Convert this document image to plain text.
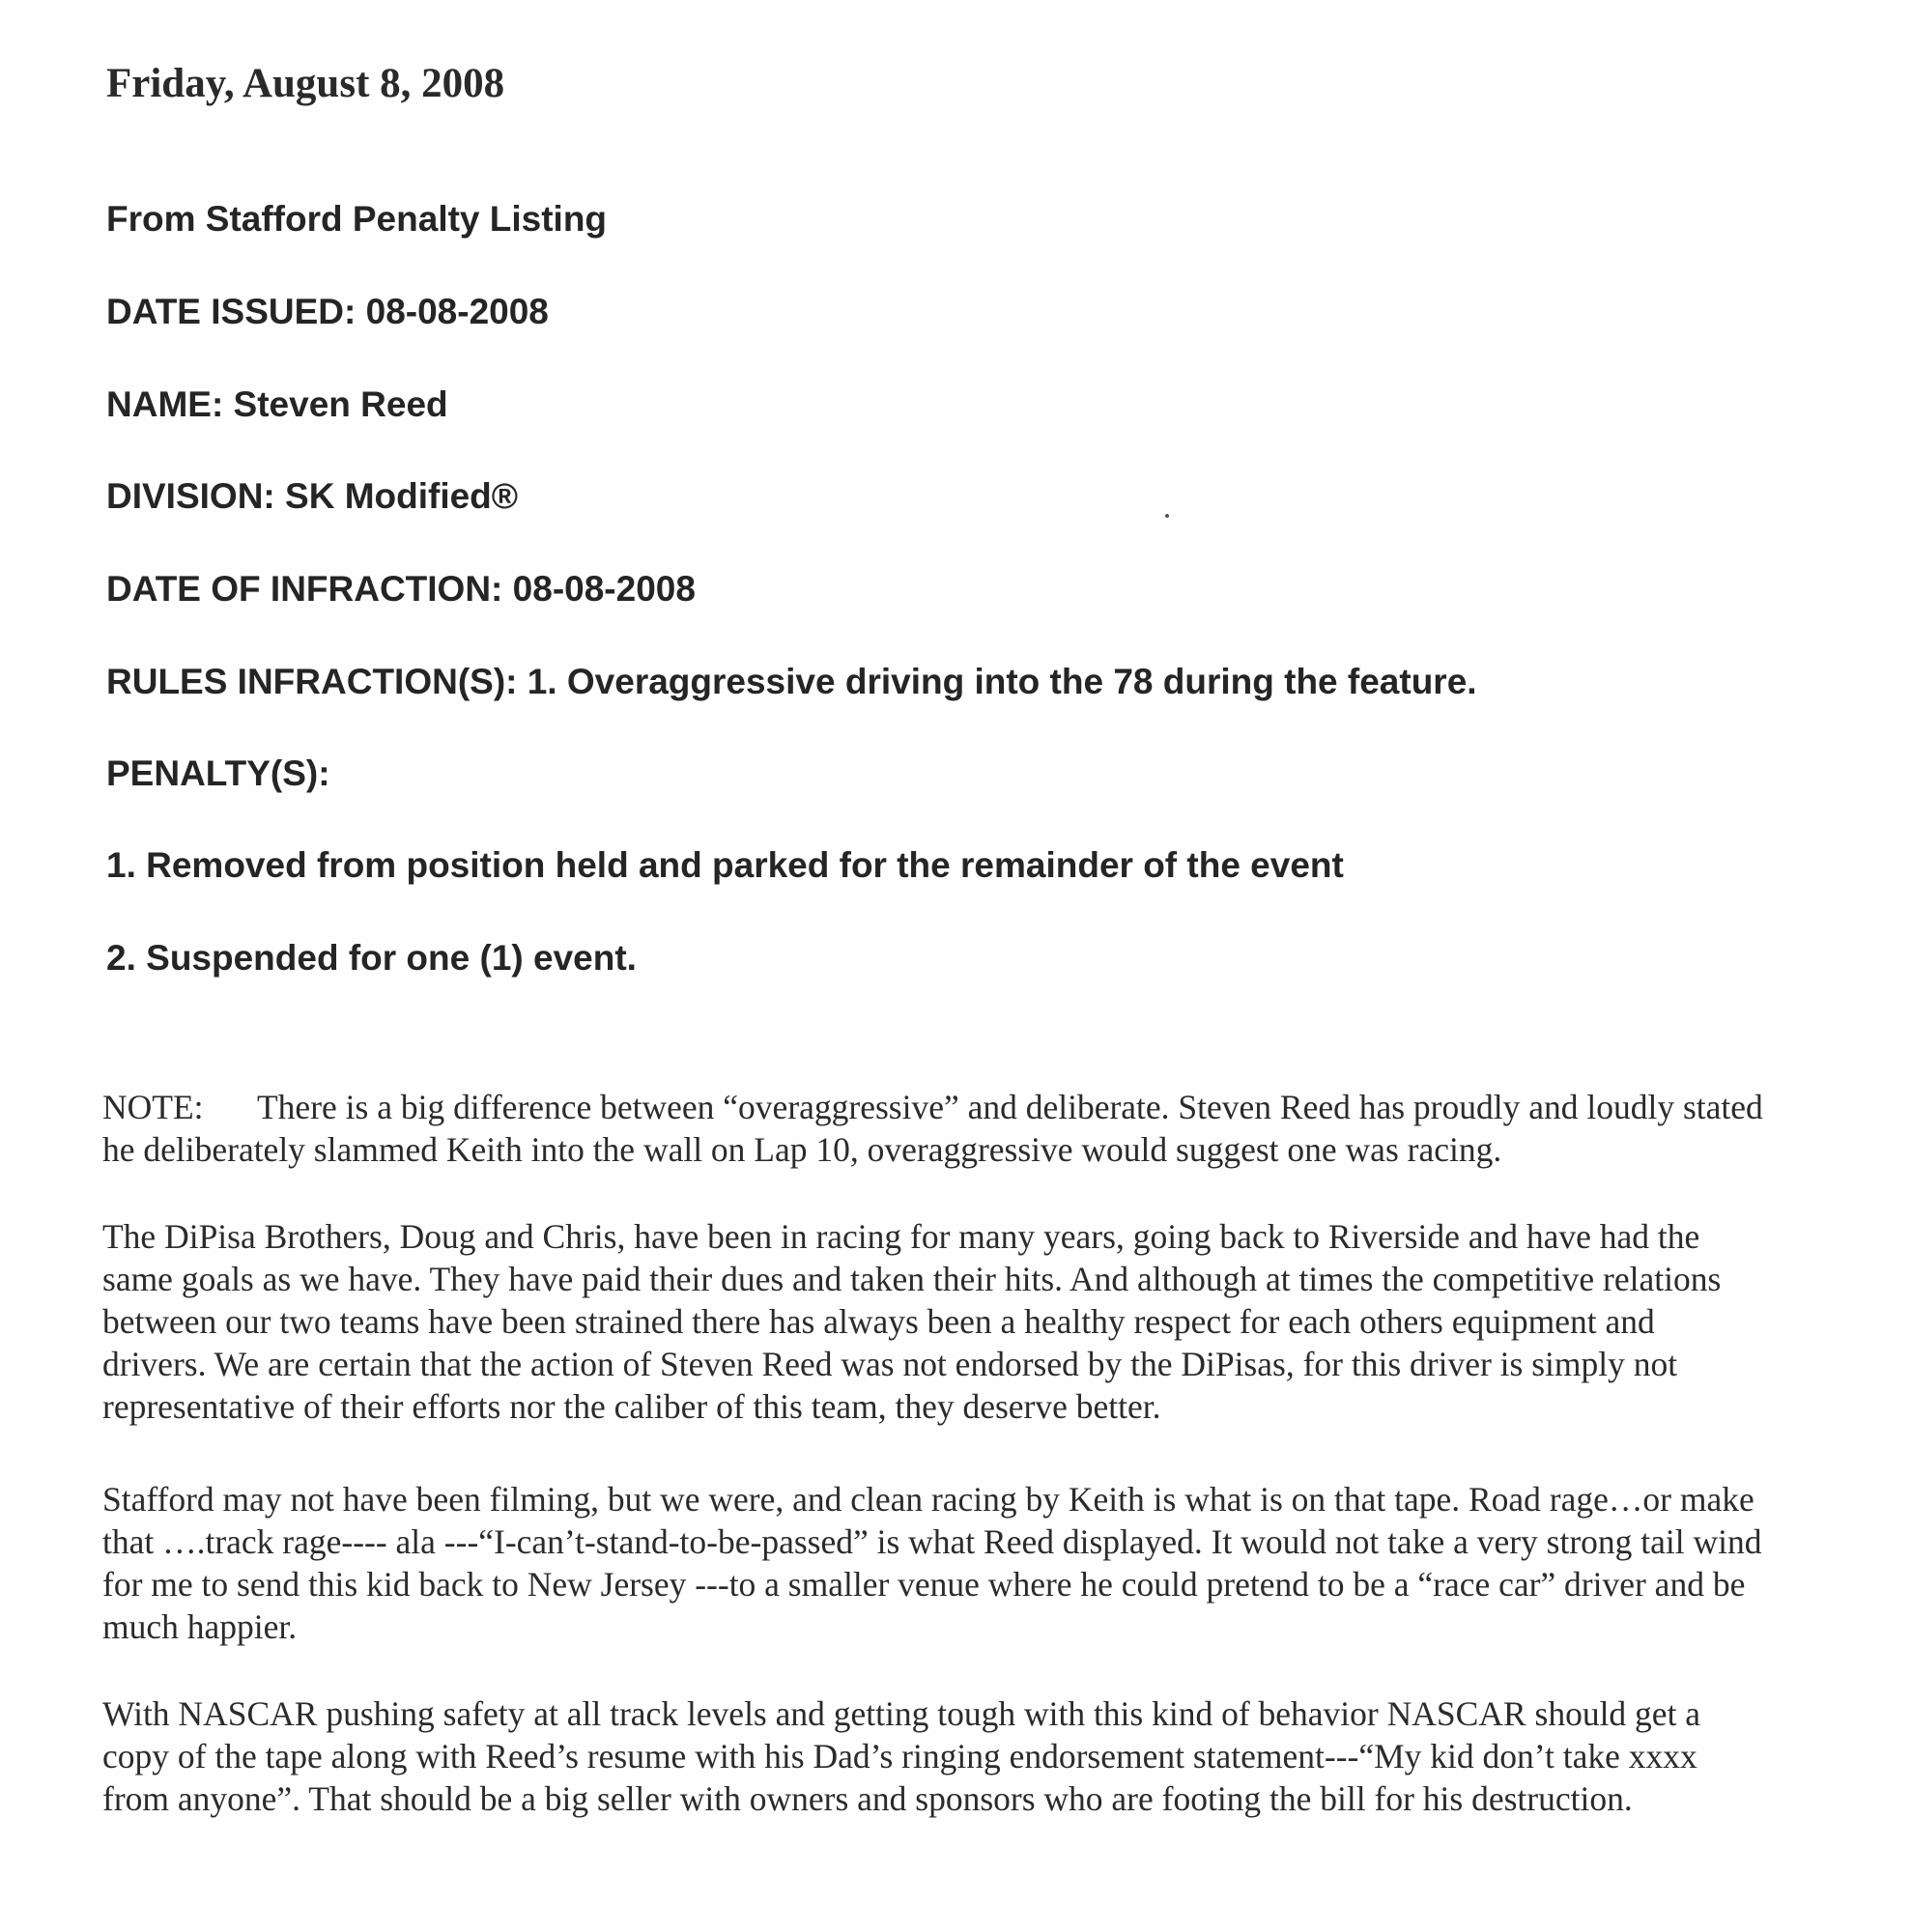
Friday, August 8, 2008
From Stafford Penalty Listing
DATE ISSUED: 08-08-2008
NAME: Steven Reed
DIVISION: SK Modified®
DATE OF INFRACTION: 08-08-2008
RULES INFRACTION(S): 1. Overaggressive driving into the 78 during the feature.
PENALTY(S):
1. Removed from position held and parked for the remainder of the event
2. Suspended for one (1) event.
NOTE: There is a big difference between “overaggressive” and deliberate. Steven Reed has proudly and loudly stated
he deliberately slammed Keith into the wall on Lap 10, overaggressive would suggest one was racing.
The DiPisa Brothers, Doug and Chris, have been in racing for many years, going back to Riverside and have had the
same goals as we have. They have paid their dues and taken their hits. And although at times the competitive relations
between our two teams have been strained there has always been a healthy respect for each others equipment and
drivers. We are certain that the action of Steven Reed was not endorsed by the DiPisas, for this driver is simply not
representative of their efforts nor the caliber of this team, they deserve better.
Stafford may not have been filming, but we were, and clean racing by Keith is what is on that tape. Road rage…or make
that ….track rage---- ala ---“I-can’t-stand-to-be-passed” is what Reed displayed. It would not take a very strong tail wind
for me to send this kid back to New Jersey ---to a smaller venue where he could pretend to be a “race car” driver and be
much happier.
With NASCAR pushing safety at all track levels and getting tough with this kind of behavior NASCAR should get a
copy of the tape along with Reed’s resume with his Dad’s ringing endorsement statement---“My kid don’t take xxxx
from anyone”. That should be a big seller with owners and sponsors who are footing the bill for his destruction.
